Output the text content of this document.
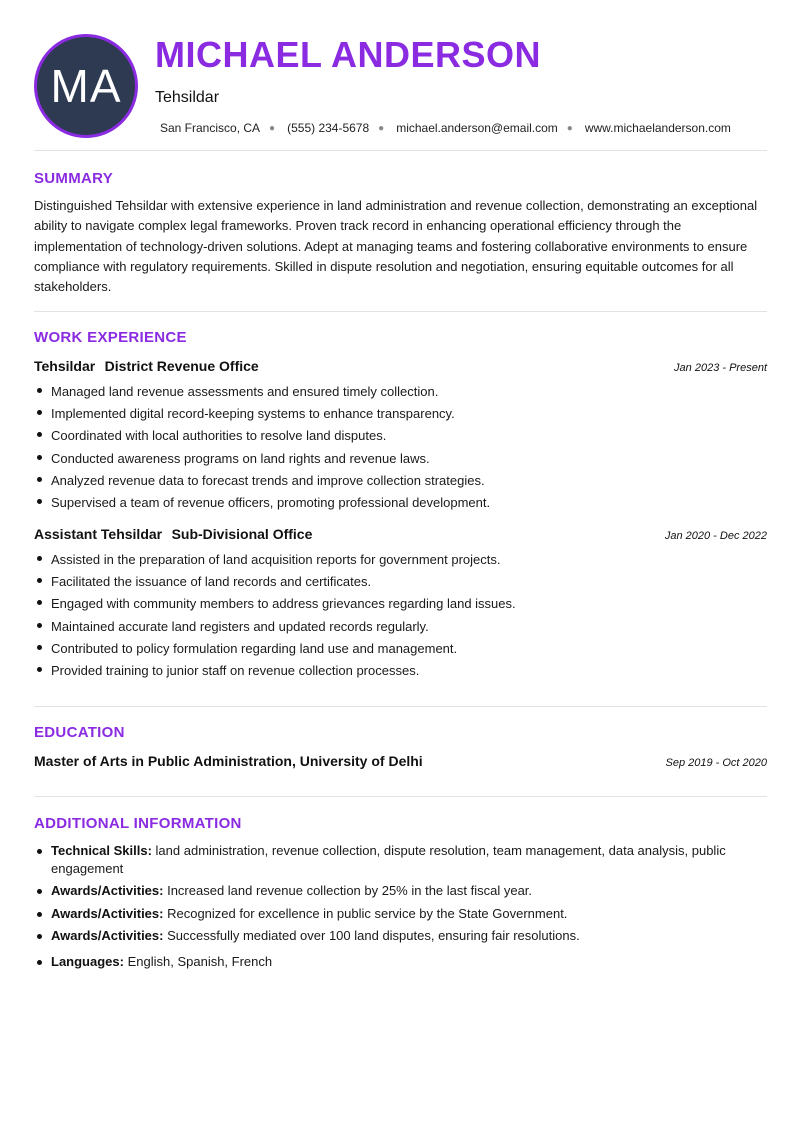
MA
MICHAEL ANDERSON
Tehsildar
San Francisco, CA ● (555) 234-5678 ● michael.anderson@email.com ● www.michaelanderson.com
SUMMARY
Distinguished Tehsildar with extensive experience in land administration and revenue collection, demonstrating an exceptional ability to navigate complex legal frameworks. Proven track record in enhancing operational efficiency through the implementation of technology-driven solutions. Adept at managing teams and fostering collaborative environments to ensure compliance with regulatory requirements. Skilled in dispute resolution and negotiation, ensuring equitable outcomes for all stakeholders.
WORK EXPERIENCE
Tehsildar District Revenue Office	Jan 2023 - Present
Managed land revenue assessments and ensured timely collection.
Implemented digital record-keeping systems to enhance transparency.
Coordinated with local authorities to resolve land disputes.
Conducted awareness programs on land rights and revenue laws.
Analyzed revenue data to forecast trends and improve collection strategies.
Supervised a team of revenue officers, promoting professional development.
Assistant Tehsildar Sub-Divisional Office	Jan 2020 - Dec 2022
Assisted in the preparation of land acquisition reports for government projects.
Facilitated the issuance of land records and certificates.
Engaged with community members to address grievances regarding land issues.
Maintained accurate land registers and updated records regularly.
Contributed to policy formulation regarding land use and management.
Provided training to junior staff on revenue collection processes.
EDUCATION
Master of Arts in Public Administration, University of Delhi	Sep 2019 - Oct 2020
ADDITIONAL INFORMATION
Technical Skills: land administration, revenue collection, dispute resolution, team management, data analysis, public engagement
Awards/Activities: Increased land revenue collection by 25% in the last fiscal year.
Awards/Activities: Recognized for excellence in public service by the State Government.
Awards/Activities: Successfully mediated over 100 land disputes, ensuring fair resolutions.
Languages: English, Spanish, French
